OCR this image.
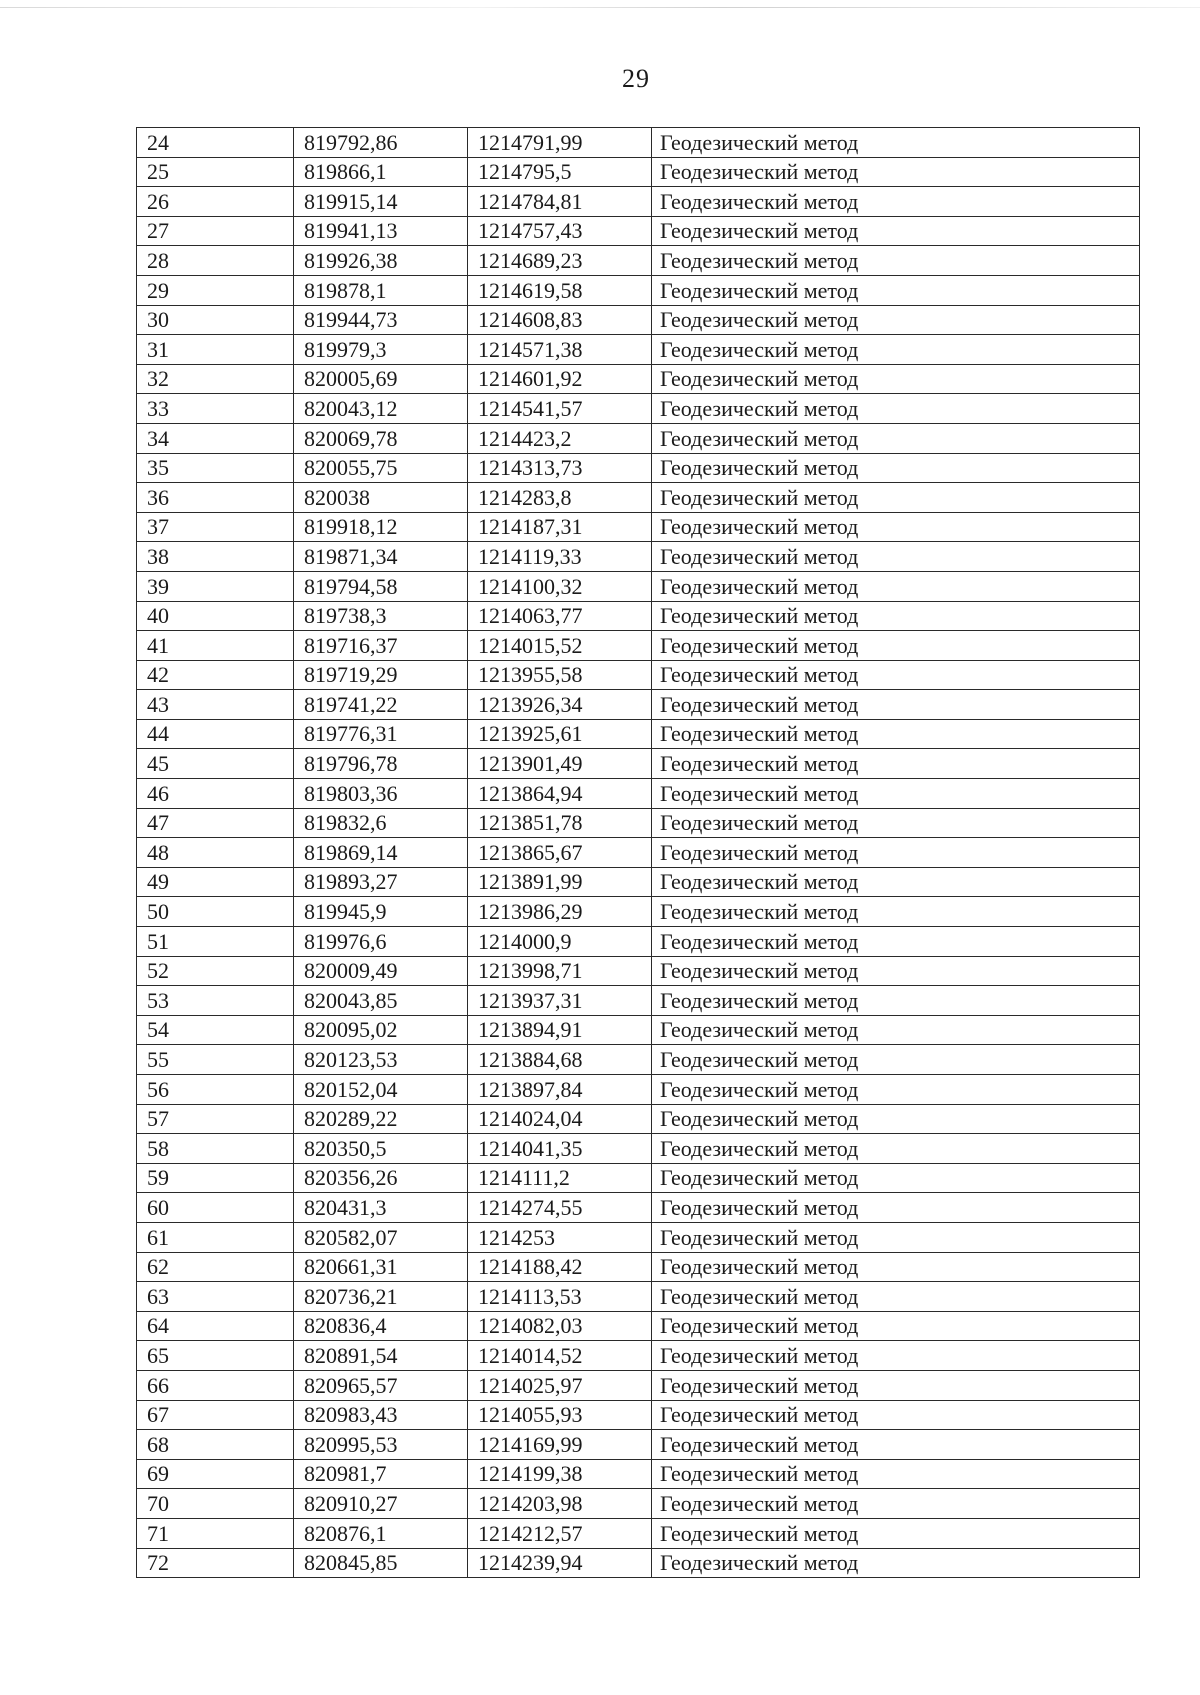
29
24	819792,86	1214791,99	Геодезический метод
25	819866,1	1214795,5	Геодезический метод
26	819915,14	1214784,81	Геодезический метод
27	819941,13	1214757,43	Геодезический метод
28	819926,38	1214689,23	Геодезический метод
29	819878,1	1214619,58	Геодезический метод
30	819944,73	1214608,83	Геодезический метод
31	819979,3	1214571,38	Геодезический метод
32	820005,69	1214601,92	Геодезический метод
33	820043,12	1214541,57	Геодезический метод
34	820069,78	1214423,2	Геодезический метод
35	820055,75	1214313,73	Геодезический метод
36	820038	1214283,8	Геодезический метод
37	819918,12	1214187,31	Геодезический метод
38	819871,34	1214119,33	Геодезический метод
39	819794,58	1214100,32	Геодезический метод
40	819738,3	1214063,77	Геодезический метод
41	819716,37	1214015,52	Геодезический метод
42	819719,29	1213955,58	Геодезический метод
43	819741,22	1213926,34	Геодезический метод
44	819776,31	1213925,61	Геодезический метод
45	819796,78	1213901,49	Геодезический метод
46	819803,36	1213864,94	Геодезический метод
47	819832,6	1213851,78	Геодезический метод
48	819869,14	1213865,67	Геодезический метод
49	819893,27	1213891,99	Геодезический метод
50	819945,9	1213986,29	Геодезический метод
51	819976,6	1214000,9	Геодезический метод
52	820009,49	1213998,71	Геодезический метод
53	820043,85	1213937,31	Геодезический метод
54	820095,02	1213894,91	Геодезический метод
55	820123,53	1213884,68	Геодезический метод
56	820152,04	1213897,84	Геодезический метод
57	820289,22	1214024,04	Геодезический метод
58	820350,5	1214041,35	Геодезический метод
59	820356,26	1214111,2	Геодезический метод
60	820431,3	1214274,55	Геодезический метод
61	820582,07	1214253	Геодезический метод
62	820661,31	1214188,42	Геодезический метод
63	820736,21	1214113,53	Геодезический метод
64	820836,4	1214082,03	Геодезический метод
65	820891,54	1214014,52	Геодезический метод
66	820965,57	1214025,97	Геодезический метод
67	820983,43	1214055,93	Геодезический метод
68	820995,53	1214169,99	Геодезический метод
69	820981,7	1214199,38	Геодезический метод
70	820910,27	1214203,98	Геодезический метод
71	820876,1	1214212,57	Геодезический метод
72	820845,85	1214239,94	Геодезический метод
